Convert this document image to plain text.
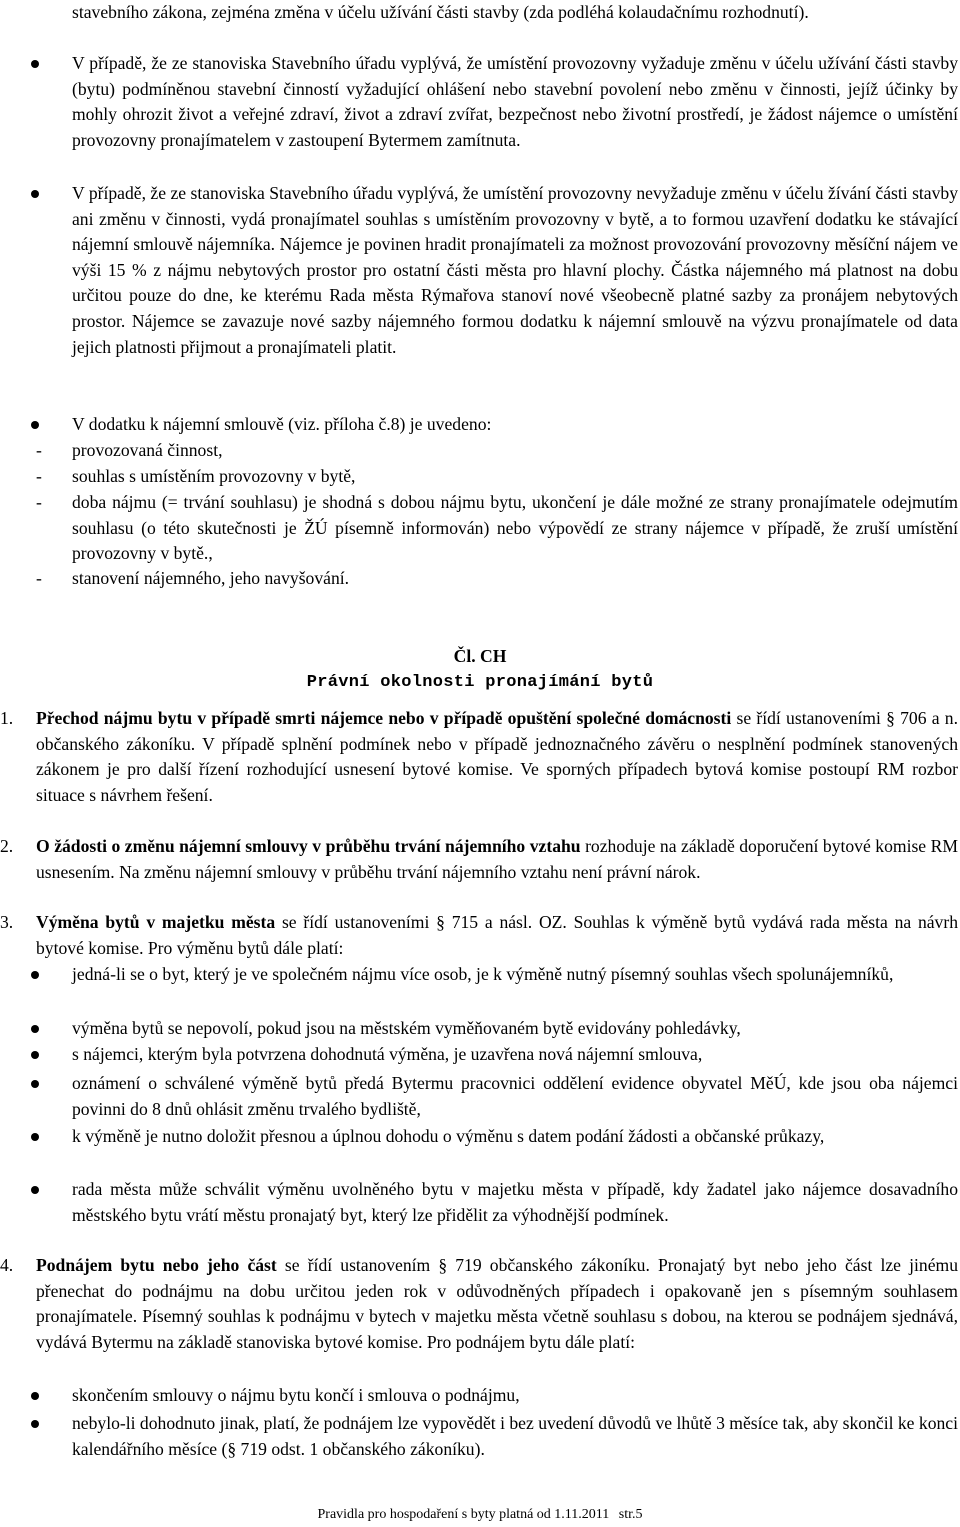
stavebního zákona, zejména změna v účelu užívání části stavby (zda podléhá kolaudačnímu rozhodnutí).

V případě, že ze stanoviska Stavebního úřadu vyplývá, že umístění provozovny vyžaduje změnu v účelu užívání části stavby (bytu) podmíněnou stavební činností vyžadující ohlášení nebo stavební povolení nebo změnu v činnosti, jejíž účinky by mohly ohrozit život a veřejné zdraví, život a zdraví zvířat, bezpečnost nebo životní prostředí, je žádost nájemce o umístění provozovny pronajímatelem v zastoupení Bytermem zamítnuta.

V případě, že ze stanoviska Stavebního úřadu vyplývá, že umístění provozovny nevyžaduje změnu v účelu žívání části stavby ani změnu v činnosti, vydá pronajímatel souhlas s umístěním provozovny v bytě, a to formou uzavření dodatku ke stávající nájemní smlouvě nájemníka. Nájemce je povinen hradit pronajímateli za možnost provozování provozovny měsíční nájem ve výši 15 % z nájmu nebytových prostor pro ostatní části města pro hlavní plochy. Částka nájemného má platnost na dobu určitou pouze do dne, ke kterému Rada města Rýmařova stanoví nové všeobecně platné sazby za pronájem nebytových prostor. Nájemce se zavazuje nové sazby nájemného formou dodatku k nájemní smlouvě na výzvu pronajímatele od data jejich platnosti přijmout a pronajímateli platit.

V dodatku k nájemní smlouvě (viz. příloha č.8) je uvedeno:

- provozovaná činnost,

- souhlas s umístěním provozovny v bytě,

- doba nájmu (= trvání souhlasu) je shodná s dobou nájmu bytu, ukončení je dále možné ze strany pronajímatele odejmutím souhlasu (o této skutečnosti je ŽÚ písemně informován) nebo výpovědí ze strany nájemce v případě, že zruší umístění provozovny v bytě.,

- stanovení nájemného, jeho navyšování.

Čl. CH
Právní okolnosti pronajímání bytů
1. Přechod nájmu bytu v případě smrti nájemce nebo v případě opuštění společné domácnosti se řídí ustanoveními § 706 a n. občanského zákoníku. V případě splnění podmínek nebo v případě jednoznačného závěru o nesplnění podmínek stanovených zákonem je pro další řízení rozhodující usnesení bytové komise. Ve sporných případech bytová komise postoupí RM rozbor situace s návrhem řešení.

2. O žádosti o změnu nájemní smlouvy v průběhu trvání nájemního vztahu rozhoduje na základě doporučení bytové komise RM usnesením. Na změnu nájemní smlouvy v průběhu trvání nájemního vztahu není právní nárok.

3. Výměna bytů v majetku města se řídí ustanoveními § 715 a násl. OZ. Souhlas k výměně bytů vydává rada města na návrh bytové komise. Pro výměnu bytů dále platí:

jedná-li se o byt, který je ve společném nájmu více osob, je k výměně nutný písemný souhlas všech spolunájemníků,

výměna bytů se nepovolí, pokud jsou na městském vyměňovaném bytě evidovány pohledávky,

s nájemci, kterým byla potvrzena dohodnutá výměna, je uzavřena nová nájemní smlouva,

oznámení o schválené výměně bytů předá Bytermu pracovnici oddělení evidence obyvatel MěÚ, kde jsou oba nájemci povinni do 8 dnů ohlásit změnu trvalého bydliště,

k výměně je nutno doložit přesnou a úplnou dohodu o výměnu s datem podání žádosti a občanské průkazy,

rada města může schválit výměnu uvolněného bytu v majetku města v případě, kdy žadatel jako nájemce dosavadního městského bytu vrátí městu pronajatý byt, který lze přidělit za výhodnější podmínek.

4. Podnájem bytu nebo jeho část se řídí ustanovením § 719 občanského zákoníku. Pronajatý byt nebo jeho část lze jinému přenechat do podnájmu na dobu určitou jeden rok v odůvodněných případech i opakovaně jen s písemným souhlasem pronajímatele. Písemný souhlas k podnájmu v bytech v majetku města včetně souhlasu s dobou, na kterou se podnájem sjednává, vydává Bytermu na základě stanoviska bytové komise. Pro podnájem bytu dále platí:

skončením smlouvy o nájmu bytu končí i smlouva o podnájmu,

nebylo-li dohodnuto jinak, platí, že podnájem lze vypovědět i bez uvedení důvodů ve lhůtě 3 měsíce tak, aby skončil ke konci kalendářního měsíce (§ 719 odst. 1 občanského zákoníku).

Pravidla pro hospodaření s byty platná od 1.11.2011 str.5
